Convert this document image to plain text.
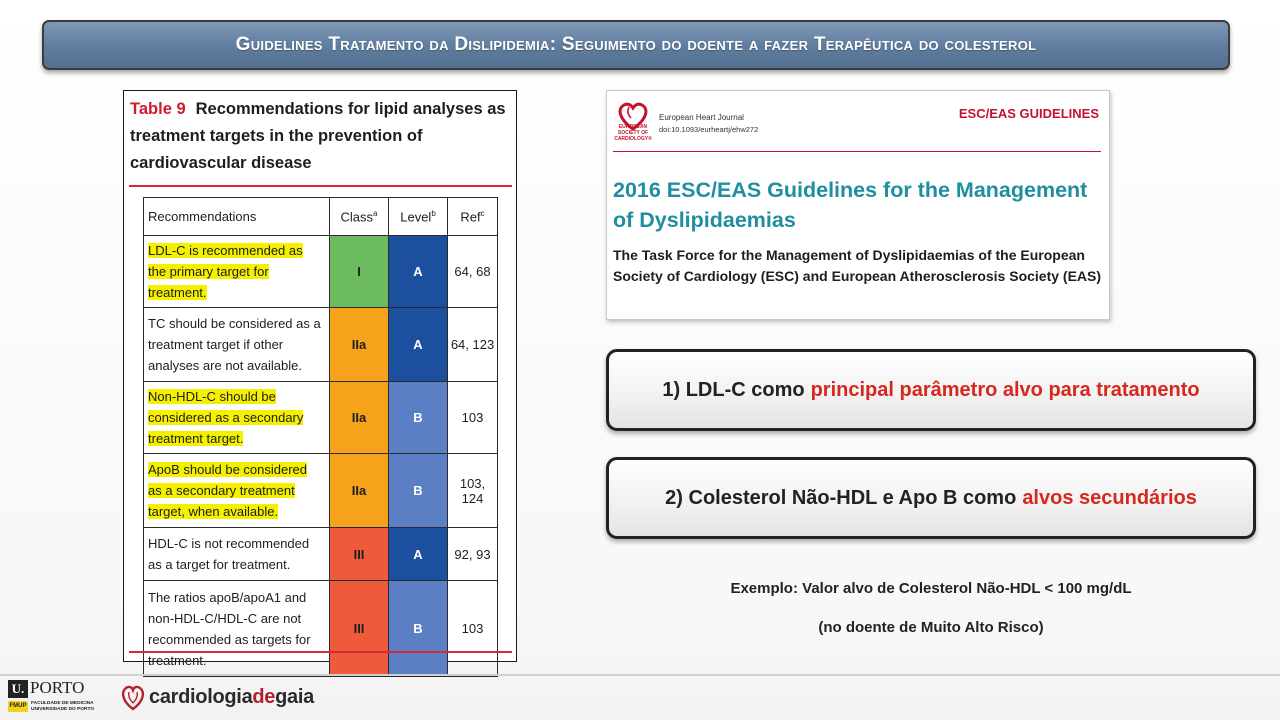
Guidelines Tratamento da Dislipidemia: Seguimento do doente a fazer Terapêutica do colesterol
Table 9 Recommendations for lipid analyses as treatment targets in the prevention of cardiovascular disease
Recommendations	Class$^a$	Level$^b$	Ref$^c$
LDL-C is recommended as the primary target for treatment.	I	A	64, 68
TC should be considered as a treatment target if other analyses are not available.	IIa	A	64, 123
Non-HDL-C should be considered as a secondary treatment target.	IIa	B	103
ApoB should be considered as a secondary treatment target, when available.	IIa	B	103, 124
HDL-C is not recommended as a target for treatment.	III	A	92, 93
The ratios apoB/apoA1 and non-HDL-C/HDL-C are not recommended as targets for treatment.	III	B	103
EUROPEAN SOCIETY OF CARDIOLOGY®
European Heart Journal
doi:10.1093/eurheartj/ehw272
ESC/EAS GUIDELINES
2016 ESC/EAS Guidelines for the Management of Dyslipidaemias
The Task Force for the Management of Dyslipidaemias of the European Society of Cardiology (ESC) and European Atherosclerosis Society (EAS)
1) LDL-C como principal parâmetro alvo para tratamento
2) Colesterol Não-HDL e Apo B como alvos secundários
Exemplo: Valor alvo de Colesterol Não-HDL < 100 mg/dL
(no doente de Muito Alto Risco)
U. PORTO
FMUP FACULDADE DE MEDICINA
UNIVERSIDADE DO PORTO
cardiologiadegaia
